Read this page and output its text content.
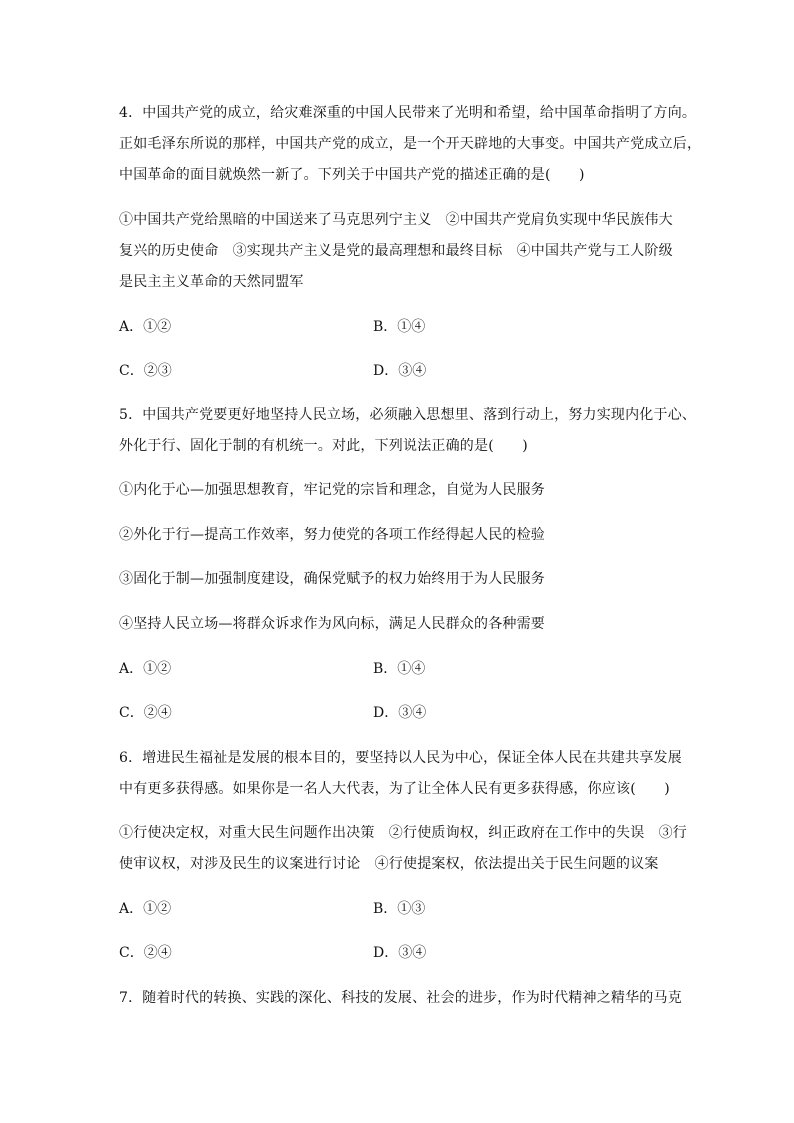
4．中国共产党的成立，给灾难深重的中国人民带来了光明和希望，给中国革命指明了方向。
正如毛泽东所说的那样，中国共产党的成立，是一个开天辟地的大事变。中国共产党成立后，
中国革命的面目就焕然一新了。下列关于中国共产党的描述正确的是(　　)
①中国共产党给黑暗的中国送来了马克思列宁主义　②中国共产党肩负实现中华民族伟大
复兴的历史使命　③实现共产主义是党的最高理想和最终目标　④中国共产党与工人阶级
是民主主义革命的天然同盟军
A．①②	B．①④
C．②③	D．③④
5．中国共产党要更好地坚持人民立场，必须融入思想里、落到行动上，努力实现内化于心、
外化于行、固化于制的有机统一。对此，下列说法正确的是(　　)
①内化于心—加强思想教育，牢记党的宗旨和理念，自觉为人民服务
②外化于行—提高工作效率，努力使党的各项工作经得起人民的检验
③固化于制—加强制度建设，确保党赋予的权力始终用于为人民服务
④坚持人民立场—将群众诉求作为风向标，满足人民群众的各种需要
A．①②	B．①④
C．②④	D．③④
6．增进民生福祉是发展的根本目的，要坚持以人民为中心，保证全体人民在共建共享发展
中有更多获得感。如果你是一名人大代表，为了让全体人民有更多获得感，你应该(　　)
①行使决定权，对重大民生问题作出决策　②行使质询权，纠正政府在工作中的失误　③行
使审议权，对涉及民生的议案进行讨论　④行使提案权，依法提出关于民生问题的议案
A．①②	B．①③
C．②④	D．③④
7．随着时代的转换、实践的深化、科技的发展、社会的进步，作为时代精神之精华的马克
